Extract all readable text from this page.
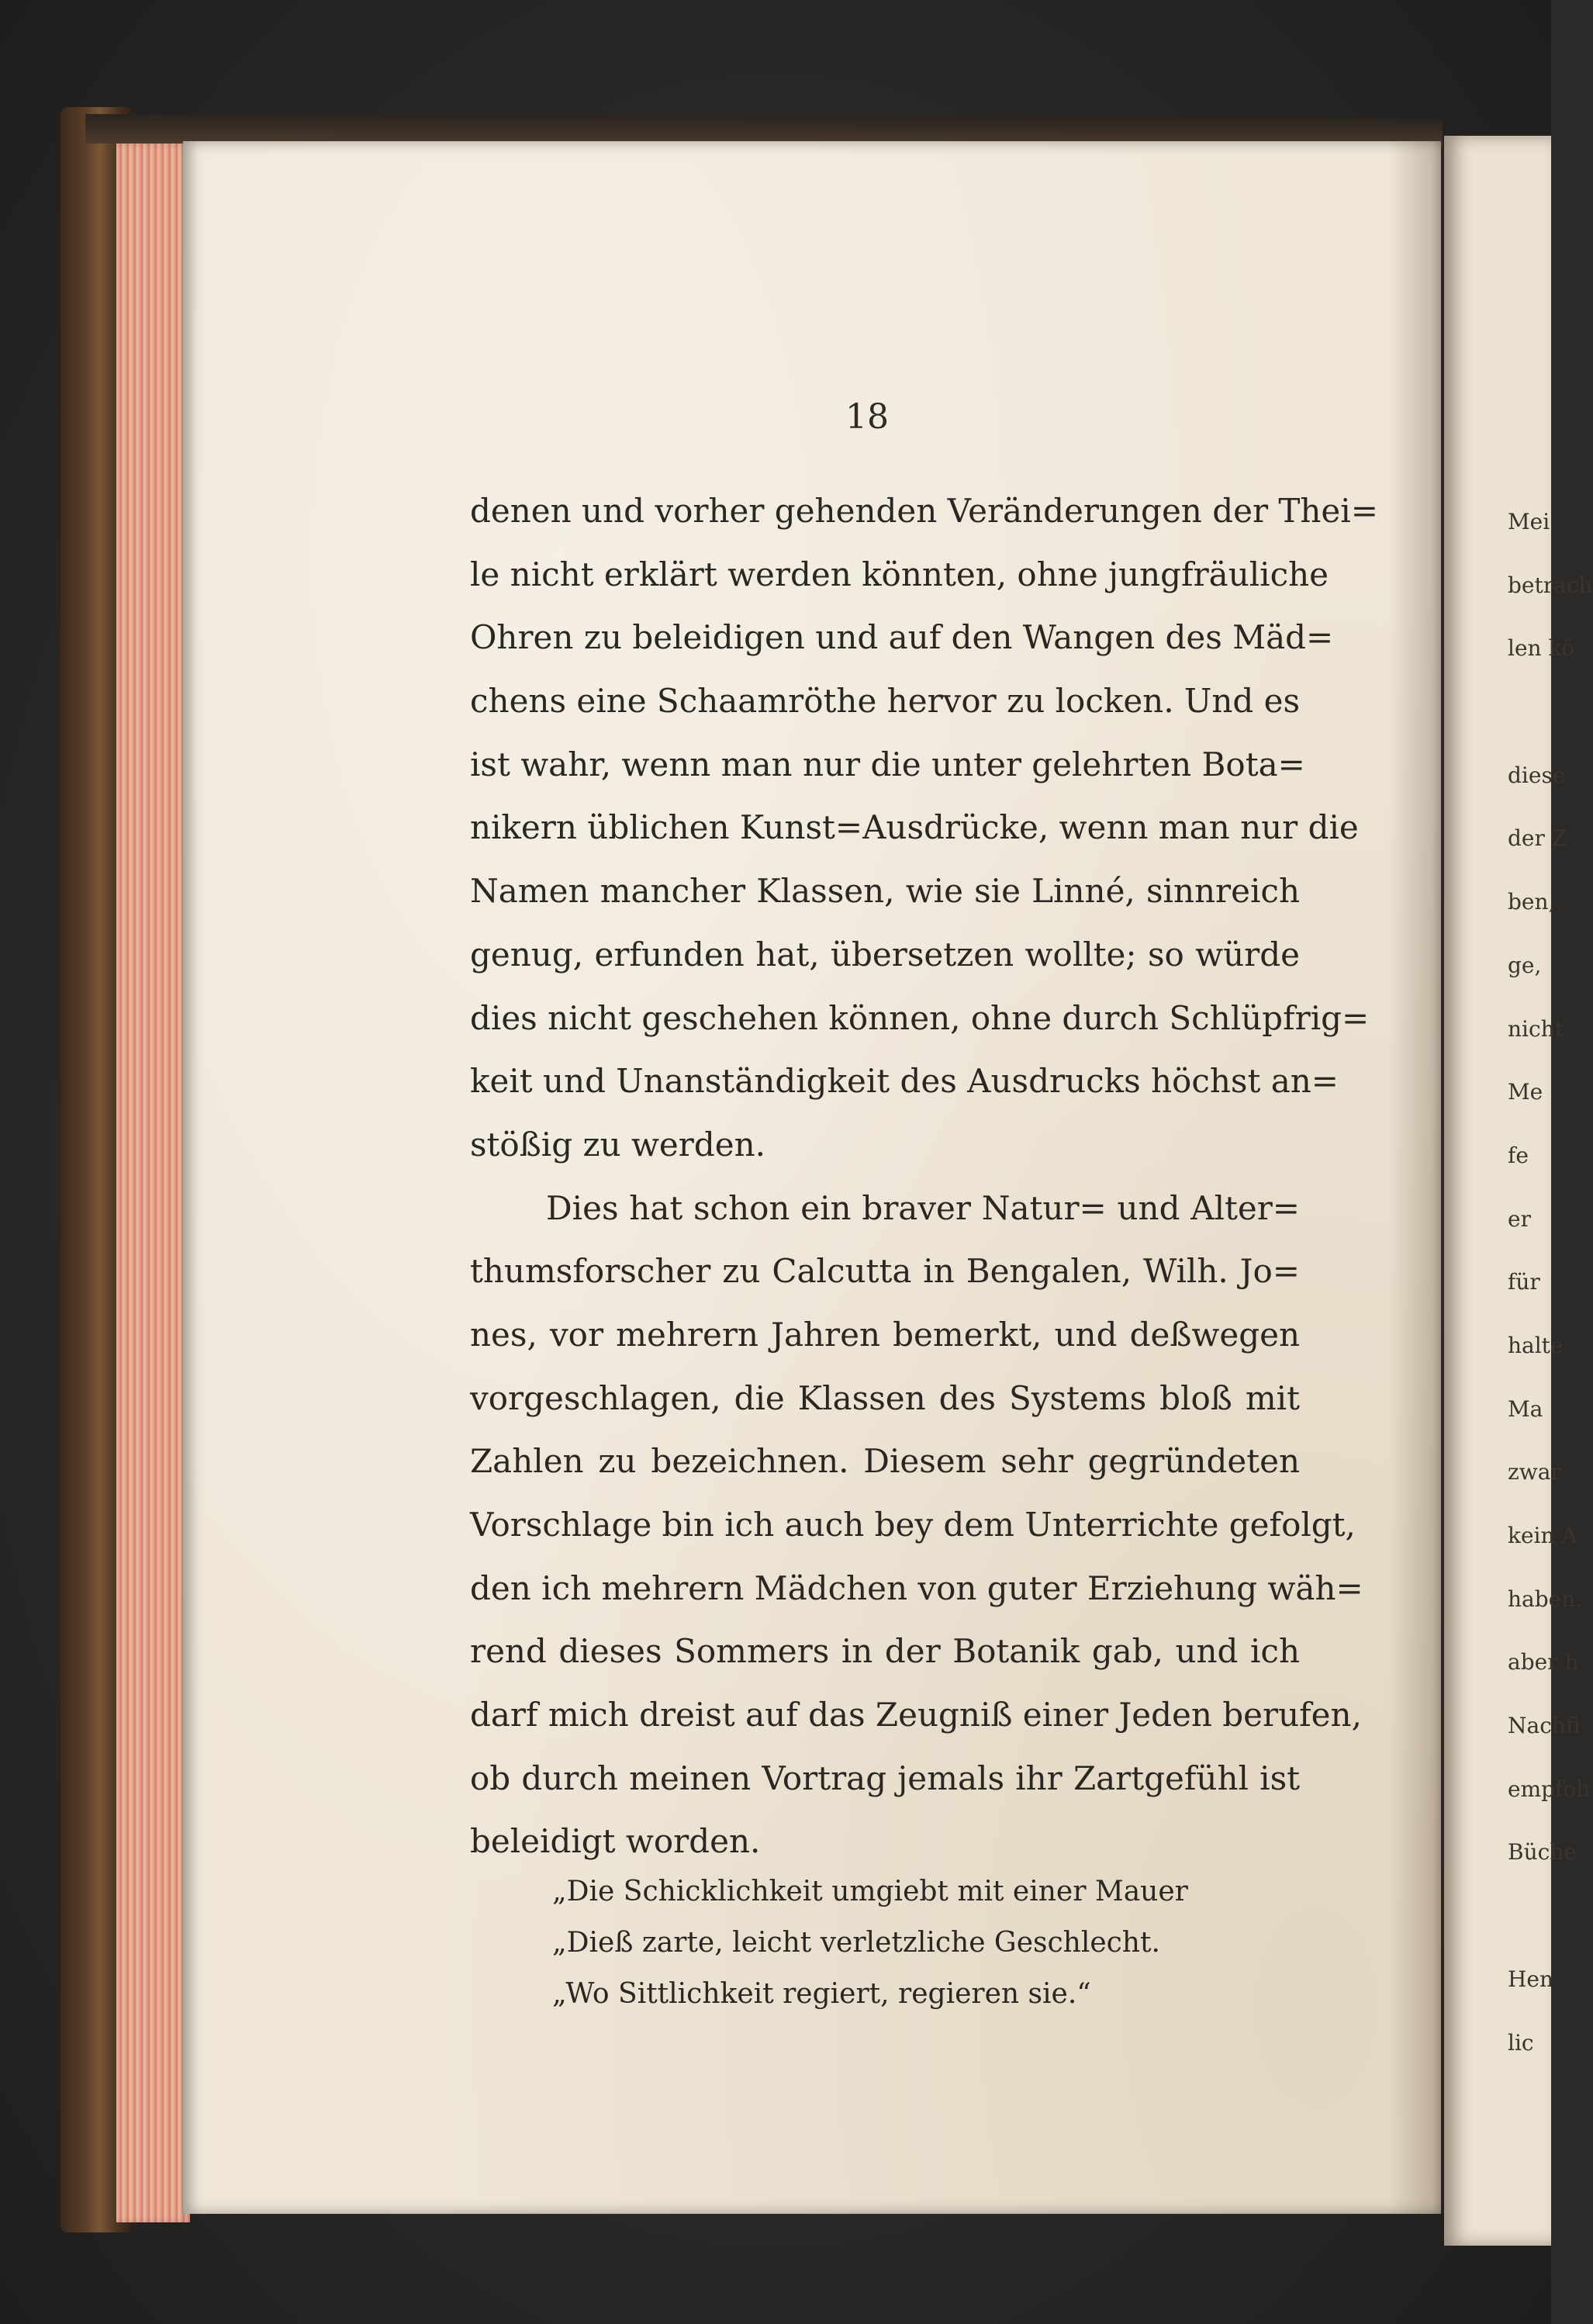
18
denen und vorher gehenden Veränderungen der Thei=
le nicht erklärt werden könnten, ohne jungfräuliche
Ohren zu beleidigen und auf den Wangen des Mäd=
chens eine Schaamröthe hervor zu locken. Und es
ist wahr, wenn man nur die unter gelehrten Bota=
nikern üblichen Kunst=Ausdrücke, wenn man nur die
Namen mancher Klassen, wie sie Linné, sinnreich
genug, erfunden hat, übersetzen wollte; so würde
dies nicht geschehen können, ohne durch Schlüpfrig=
keit und Unanständigkeit des Ausdrucks höchst an=
stößig zu werden.
Dies hat schon ein braver Natur= und Alter=
thumsforscher zu Calcutta in Bengalen, Wilh. Jo=
nes, vor mehrern Jahren bemerkt, und deßwegen
vorgeschlagen, die Klassen des Systems bloß mit
Zahlen zu bezeichnen. Diesem sehr gegründeten
Vorschlage bin ich auch bey dem Unterrichte gefolgt,
den ich mehrern Mädchen von guter Erziehung wäh=
rend dieses Sommers in der Botanik gab, und ich
darf mich dreist auf das Zeugniß einer Jeden berufen,
ob durch meinen Vortrag jemals ihr Zartgefühl ist
beleidigt worden.
„Die Schicklichkeit umgiebt mit einer Mauer
„Dieß zarte, leicht verletzliche Geschlecht.
„Wo Sittlichkeit regiert, regieren sie.“
Mei
betrach
len kö
diese
der Z
ben,
ge,
nicht
Me
fe
er
für
halte
Ma
zwar
kein A
haben.
aber h
Nachfi
empfoh
Büche
Hen
lic
